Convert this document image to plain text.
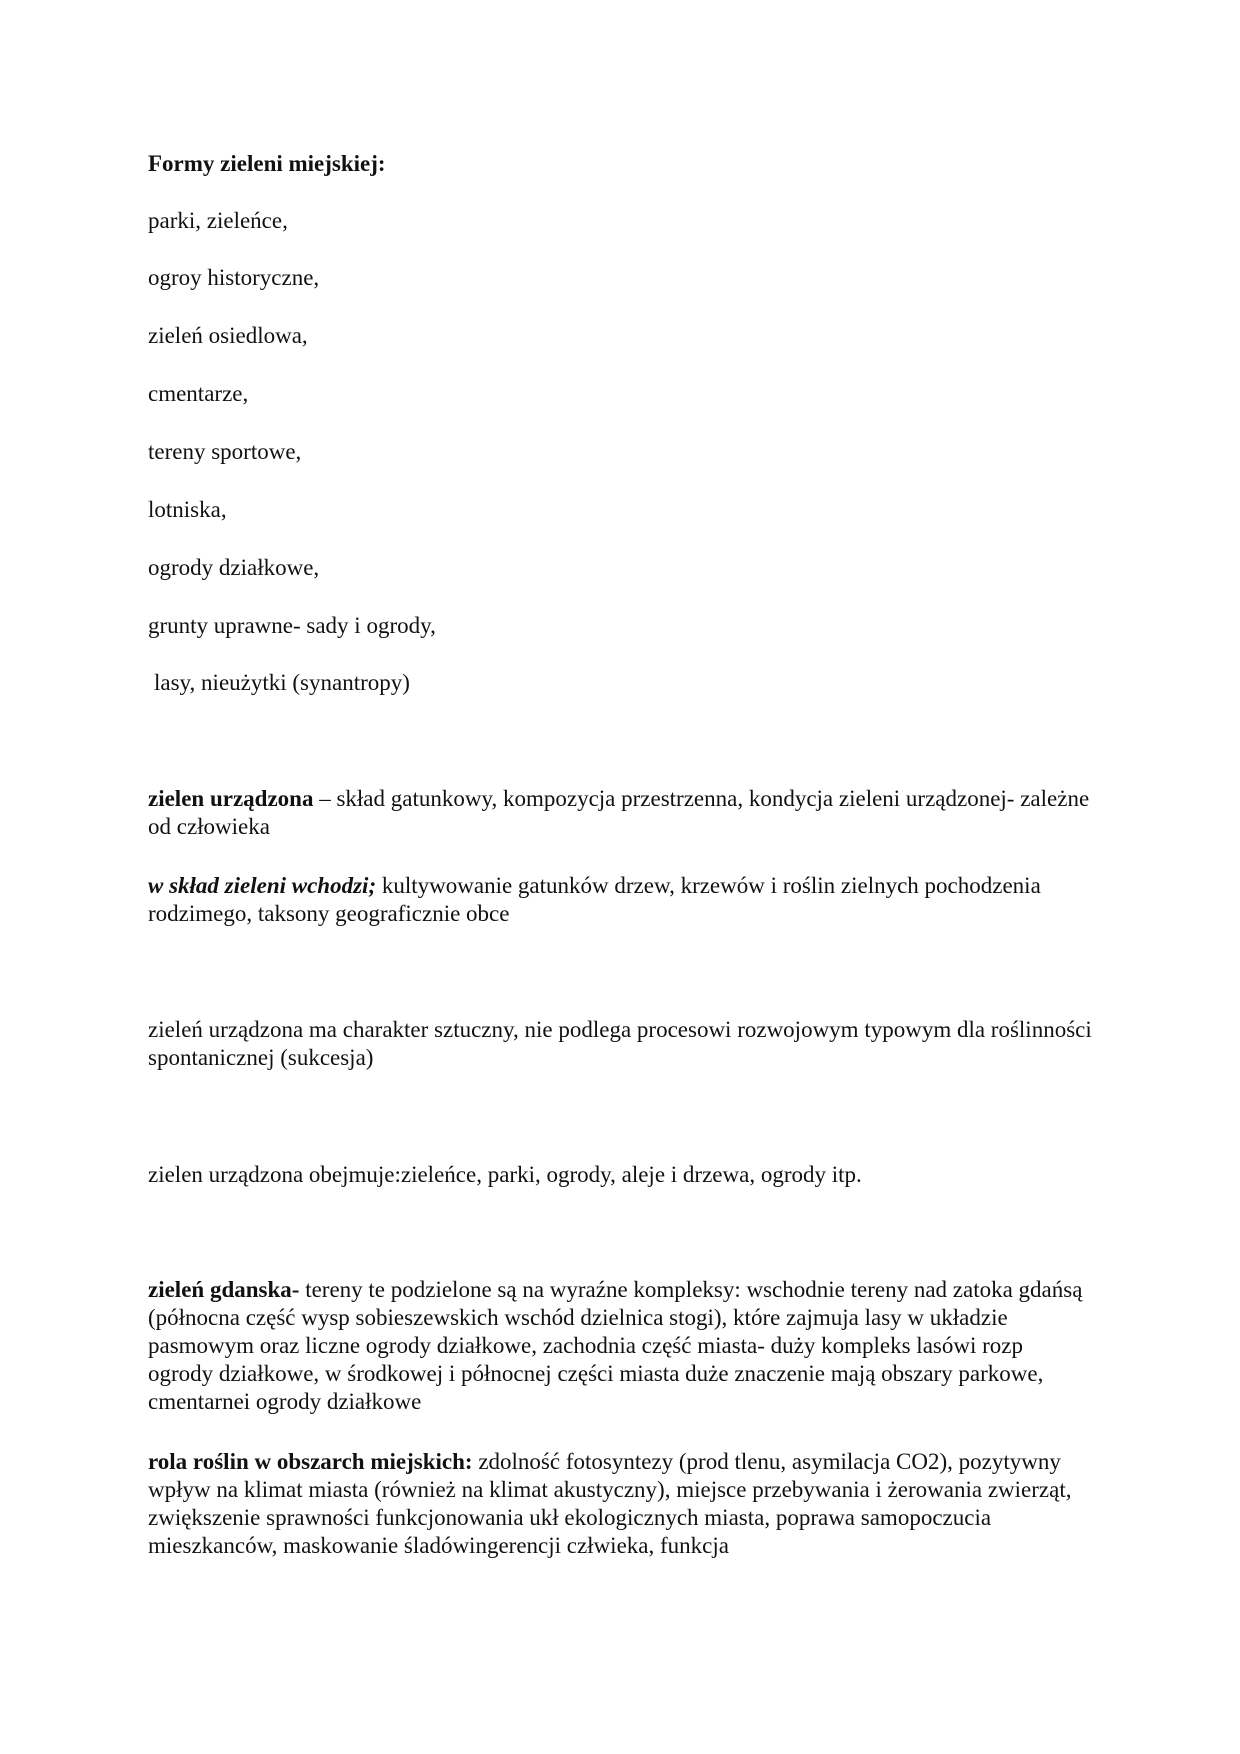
Formy zieleni miejskiej:

parki, zieleńce,

ogroy historyczne,

zieleń osiedlowa,

cmentarze,

tereny sportowe,

lotniska,

ogrody działkowe,

grunty uprawne- sady i ogrody,

lasy, nieużytki (synantropy)

zielen urządzona – skład gatunkowy, kompozycja przestrzenna, kondycja zieleni urządzonej- zależne od człowieka

w skład zieleni wchodzi; kultywowanie gatunków drzew, krzewów i roślin zielnych pochodzenia rodzimego, taksony geograficznie obce

zieleń urządzona ma charakter sztuczny, nie podlega procesowi rozwojowym typowym dla roślinności spontanicznej (sukcesja)

zielen urządzona obejmuje:zieleńce, parki, ogrody, aleje i drzewa, ogrody itp.

zieleń gdanska- tereny te podzielone są na wyraźne kompleksy: wschodnie tereny nad zatoka gdańsą (północna część wysp sobieszewskich wschód dzielnica stogi), które zajmuja lasy w układzie pasmowym oraz liczne ogrody działkowe, zachodnia część miasta- duży kompleks lasówi rozp ogrody działkowe, w środkowej i północnej części miasta duże znaczenie mają obszary parkowe, cmentarnei ogrody działkowe

rola roślin w obszarch miejskich: zdolność fotosyntezy (prod tlenu, asymilacja CO2), pozytywny wpływ na klimat miasta (również na klimat akustyczny), miejsce przebywania i żerowania zwierząt, zwiększenie sprawności funkcjonowania ukł ekologicznych miasta, poprawa samopoczucia mieszkanców, maskowanie śladówingerencji człwieka, funkcja
